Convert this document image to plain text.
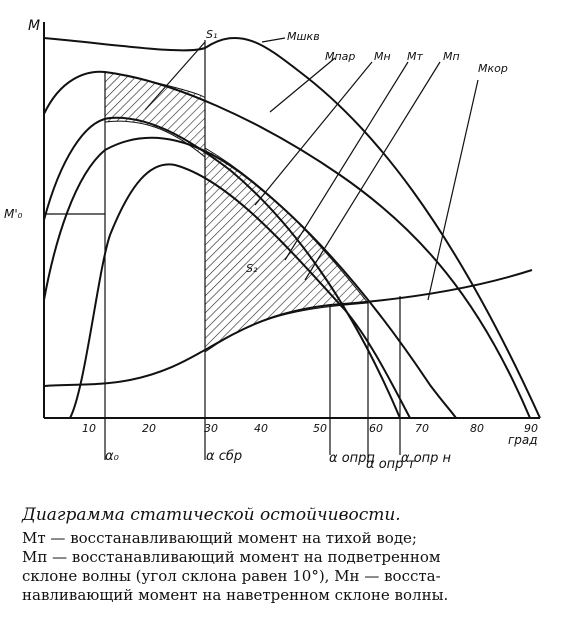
M
M'₀
град
10	20	30	40	50	60	70	80	90
Mшкв
Mпар Mн Mт Mп
Mкор
S₁
S₂
α₀	α сбр	α опрп
α опр т
α опр н

Диаграмма статической остойчивости.

Mт — восстанавливающий момент на тихой воде;

Mп — восстанавливающий момент на подветренном

склоне волны (угол склона равен 10°), Mн — восста-

навливающий момент на наветренном склоне волны.
